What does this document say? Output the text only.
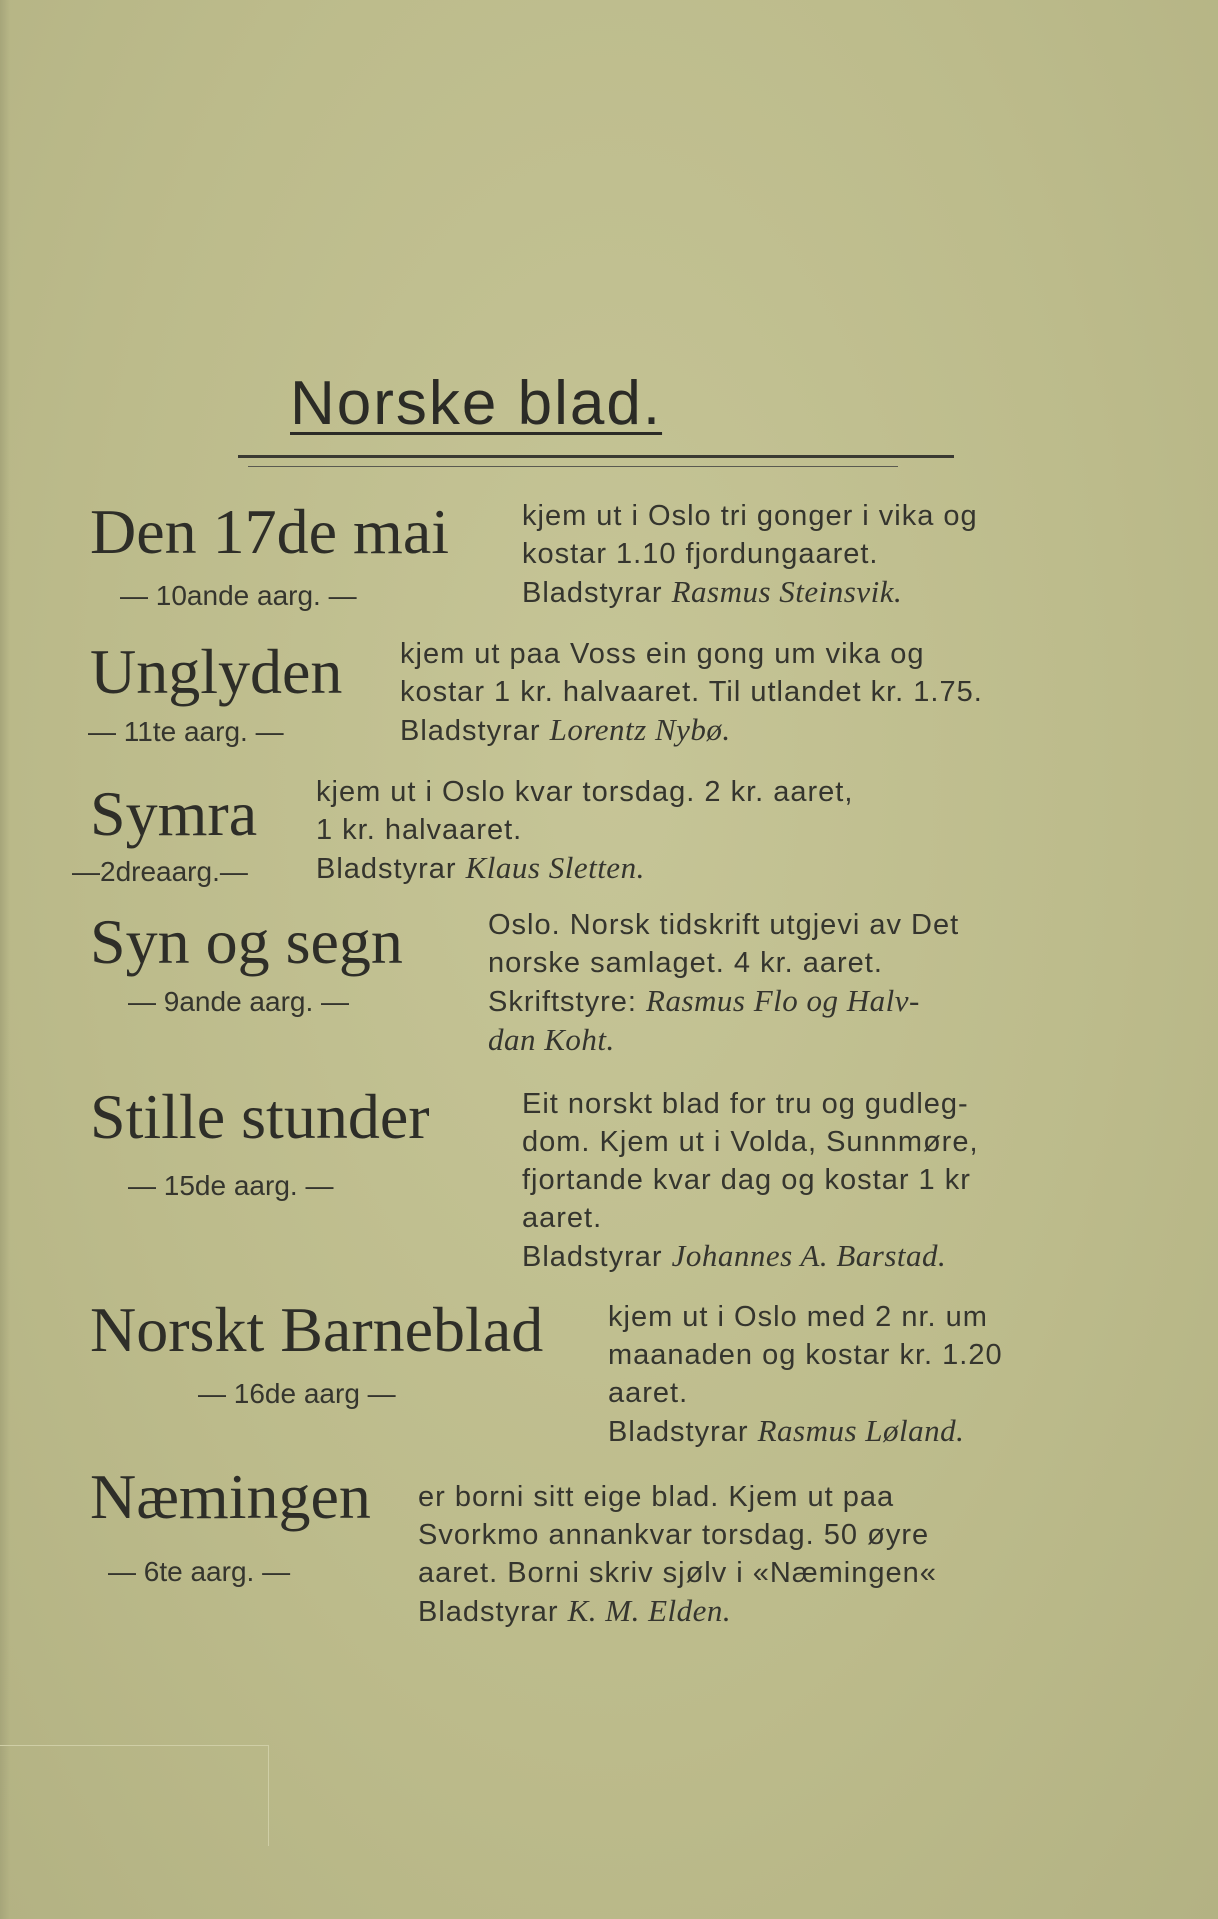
Norske blad.
Den 17de mai
— 10ande aarg. —
kjem ut i Oslo tri gonger i vika og
kostar 1.10 fjordungaaret.
Bladstyrar Rasmus Steinsvik.
Unglyden
— 11te aarg. —
kjem ut paa Voss ein gong um vika og
kostar 1 kr. halvaaret. Til utlandet kr. 1.75.
Bladstyrar Lorentz Nybø.
Symra
—2dreaarg.—
kjem ut i Oslo kvar torsdag. 2 kr. aaret,
1 kr. halvaaret.
Bladstyrar Klaus Sletten.
Syn og segn
— 9ande aarg. —
Oslo. Norsk tidskrift utgjevi av Det
norske samlaget. 4 kr. aaret.
Skriftstyre: Rasmus Flo og Halv-
dan Koht.
Stille stunder
— 15de aarg. —
Eit norskt blad for tru og gudleg-
dom. Kjem ut i Volda, Sunnmøre,
fjortande kvar dag og kostar 1 kr
aaret.
Bladstyrar Johannes A. Barstad.
Norskt Barneblad
— 16de aarg —
kjem ut i Oslo med 2 nr. um
maanaden og kostar kr. 1.20
aaret.
Bladstyrar Rasmus Løland.
Næmingen
— 6te aarg. —
er borni sitt eige blad. Kjem ut paa
Svorkmo annankvar torsdag. 50 øyre
aaret. Borni skriv sjølv i «Næmingen«
Bladstyrar K. M. Elden.
